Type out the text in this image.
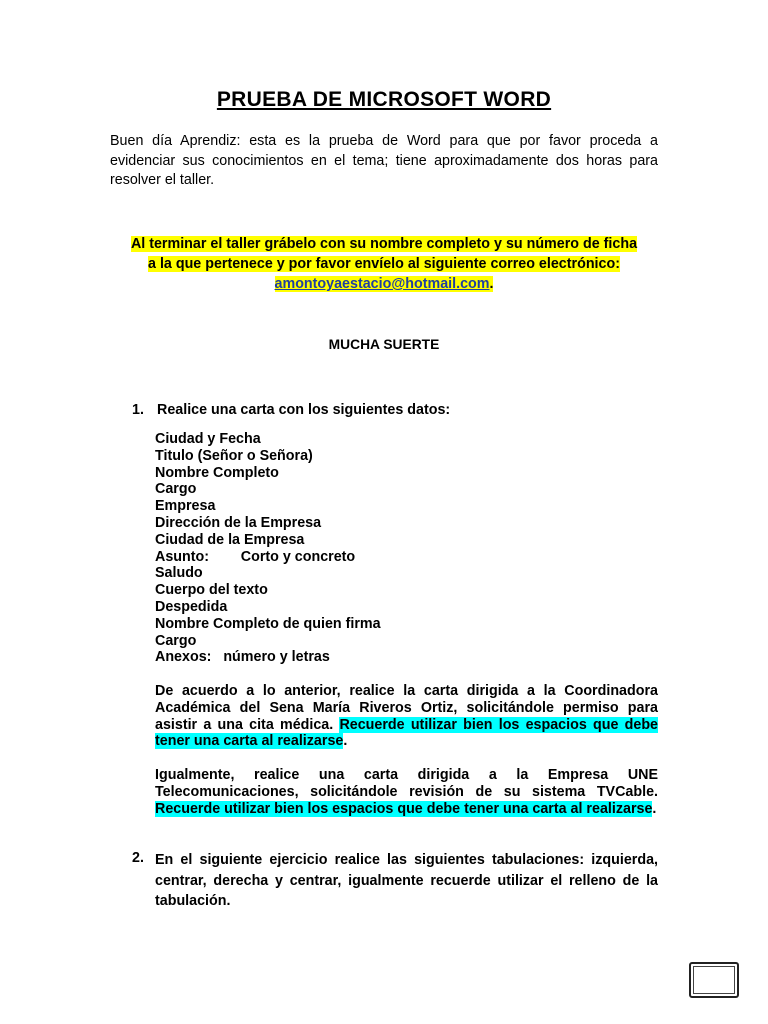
PRUEBA DE MICROSOFT WORD
Buen día Aprendiz: esta es la prueba de Word para que por favor proceda a evidenciar sus conocimientos en el tema; tiene aproximadamente dos horas para resolver el taller.
Al terminar el taller grábelo con su nombre completo y su número de ficha
a la que pertenece y por favor envíelo al siguiente correo electrónico:
amontoyaestacio@hotmail.com.
MUCHA SUERTE
1. Realice una carta con los siguientes datos:
Ciudad y Fecha
Titulo (Señor o Señora)
Nombre Completo
Cargo
Empresa
Dirección de la Empresa
Ciudad de la Empresa
Asunto:        Corto y concreto
Saludo
Cuerpo del texto
Despedida
Nombre Completo de quien firma
Cargo
Anexos:   número y letras
De acuerdo a lo anterior, realice la carta dirigida a la Coordinadora Académica del Sena María Riveros Ortiz, solicitándole permiso para asistir a una cita médica. Recuerde utilizar bien los espacios que debe tener una carta al realizarse.
Igualmente, realice una carta dirigida a la Empresa UNE Telecomunicaciones, solicitándole revisión de su sistema TVCable. Recuerde utilizar bien los espacios que debe tener una carta al realizarse.
2. En el siguiente ejercicio realice las siguientes tabulaciones: izquierda, centrar, derecha y centrar, igualmente recuerde utilizar el relleno de la tabulación.
